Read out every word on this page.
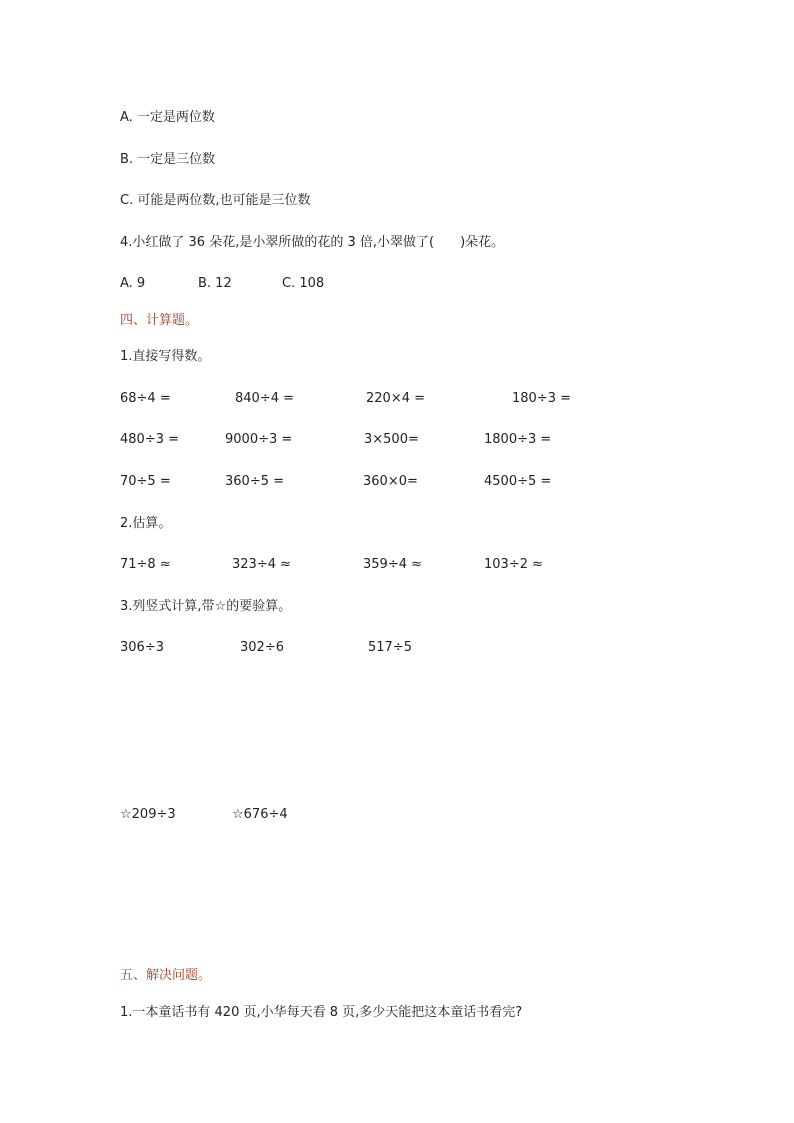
A. 一定是两位数
B. 一定是三位数
C. 可能是两位数,也可能是三位数
4.小红做了 36 朵花,是小翠所做的花的 3 倍,小翠做了( )朵花。
A. 9	B. 12	C. 108
四、计算题。
1.直接写得数。
68÷4 =	840÷4 =	220×4 =	180÷3 =
480÷3 =	9000÷3 =	3×500=	1800÷3 =
70÷5 =	360÷5 =	360×0=	4500÷5 =
2.估算。
71÷8 ≈	323÷4 ≈	359÷4 ≈	103÷2 ≈
3.列竖式计算,带☆的要验算。
306÷3	302÷6	517÷5
☆209÷3	☆676÷4
五、解决问题。
1.一本童话书有 420 页,小华每天看 8 页,多少天能把这本童话书看完?
